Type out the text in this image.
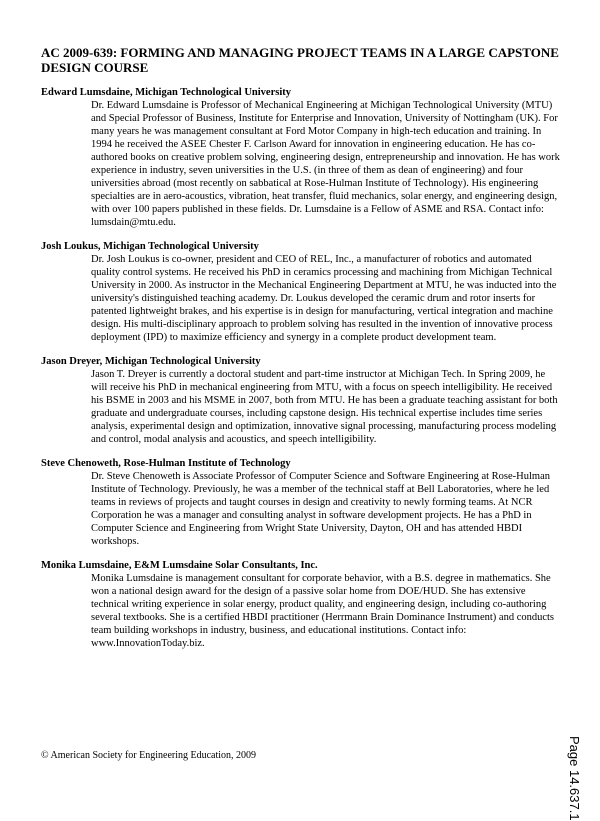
AC 2009-639: FORMING AND MANAGING PROJECT TEAMS IN A LARGE CAPSTONE DESIGN COURSE

Edward Lumsdaine, Michigan Technological University

Dr. Edward Lumsdaine is Professor of Mechanical Engineering at Michigan Technological University (MTU) and Special Professor of Business, Institute for Enterprise and Innovation, University of Nottingham (UK). For many years he was management consultant at Ford Motor Company in high-tech education and training. In 1994 he received the ASEE Chester F. Carlson Award for innovation in engineering education. He has co-authored books on creative problem solving, engineering design, entrepreneurship and innovation. He has work experience in industry, seven universities in the U.S. (in three of them as dean of engineering) and four universities abroad (most recently on sabbatical at Rose-Hulman Institute of Technology). His engineering specialties are in aero-acoustics, vibration, heat transfer, fluid mechanics, solar energy, and engineering design, with over 100 papers published in these fields. Dr. Lumsdaine is a Fellow of ASME and RSA. Contact info: lumsdain@mtu.edu.

Josh Loukus, Michigan Technological University

Dr. Josh Loukus is co-owner, president and CEO of REL, Inc., a manufacturer of robotics and automated quality control systems. He received his PhD in ceramics processing and machining from Michigan Technical University in 2000. As instructor in the Mechanical Engineering Department at MTU, he was inducted into the university's distinguished teaching academy. Dr. Loukus developed the ceramic drum and rotor inserts for patented lightweight brakes, and his expertise is in design for manufacturing, vertical integration and machine design. His multi-disciplinary approach to problem solving has resulted in the invention of innovative process deployment (IPD) to maximize efficiency and synergy in a complete product development team.

Jason Dreyer, Michigan Technological University

Jason T. Dreyer is currently a doctoral student and part-time instructor at Michigan Tech. In Spring 2009, he will receive his PhD in mechanical engineering from MTU, with a focus on speech intelligibility. He received his BSME in 2003 and his MSME in 2007, both from MTU. He has been a graduate teaching assistant for both graduate and undergraduate courses, including capstone design. His technical expertise includes time series analysis, experimental design and optimization, innovative signal processing, manufacturing process modeling and control, modal analysis and acoustics, and speech intelligibility.

Steve Chenoweth, Rose-Hulman Institute of Technology

Dr. Steve Chenoweth is Associate Professor of Computer Science and Software Engineering at Rose-Hulman Institute of Technology. Previously, he was a member of the technical staff at Bell Laboratories, where he led teams in reviews of projects and taught courses in design and creativity to newly forming teams. At NCR Corporation he was a manager and consulting analyst in software development projects. He has a PhD in Computer Science and Engineering from Wright State University, Dayton, OH and has attended HBDI workshops.

Monika Lumsdaine, E&M Lumsdaine Solar Consultants, Inc.

Monika Lumsdaine is management consultant for corporate behavior, with a B.S. degree in mathematics. She won a national design award for the design of a passive solar home from DOE/HUD. She has extensive technical writing experience in solar energy, product quality, and engineering design, including co-authoring several textbooks. She is a certified HBDI practitioner (Herrmann Brain Dominance Instrument) and conducts team building workshops in industry, business, and educational institutions. Contact info: www.InnovationToday.biz.

Page 14.637.1
© American Society for Engineering Education, 2009
